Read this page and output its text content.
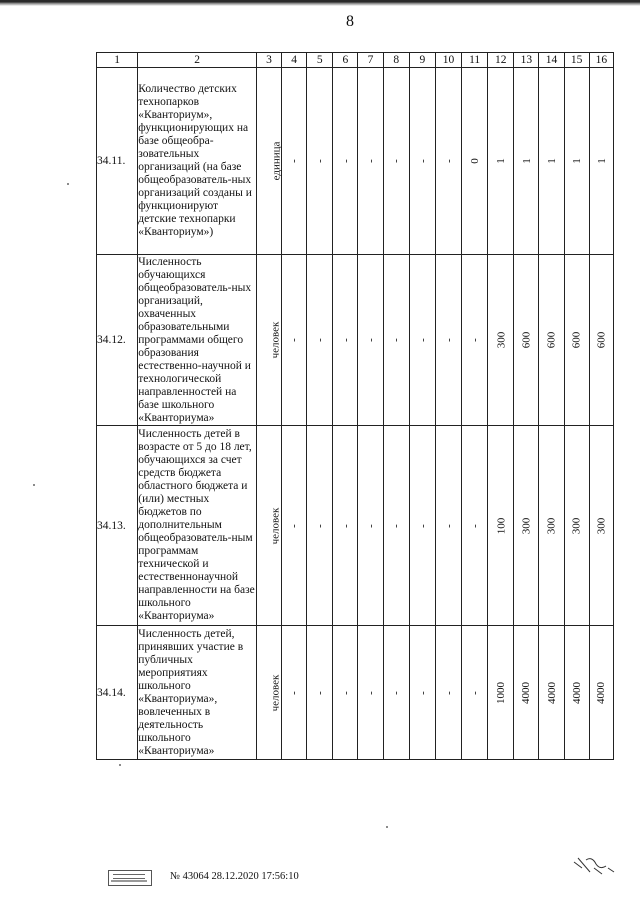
8
1	2	3	4	5	6	7	8	9	10	11	12	13	14	15	16
34.11.	Количество детских технопарков «Кванториум», функционирующих на базе общеобра-зовательных организаций (на базе общеобразователь-ных организаций созданы и функционируют детские технопарки «Кванториум»)	единица	-	-	-	-	-	-	-	0	1	1	1	1	1
34.12.	Численность обучающихся общеобразователь-ных организаций, охваченных образовательными программами общего образования естественно-научной и технологической направленностей на базе школьного «Кванториума»	человек	-	-	-	-	-	-	-	-	300	600	600	600	600
34.13.	Численность детей в возрасте от 5 до 18 лет, обучающихся за счет средств бюджета областного бюджета и (или) местных бюджетов по дополнительным общеобразователь-ным программам технической и естественнонаучной направленности на базе школьного «Кванториума»	человек	-	-	-	-	-	-	-	-	100	300	300	300	300
34.14.	Численность детей, принявших участие в публичных мероприятиях школьного «Кванториума», вовлеченных в деятельность школьного «Кванториума»	человек	-	-	-	-	-	-	-	-	1000	4000	4000	4000	4000
№ 43064 28.12.2020 17:56:10
